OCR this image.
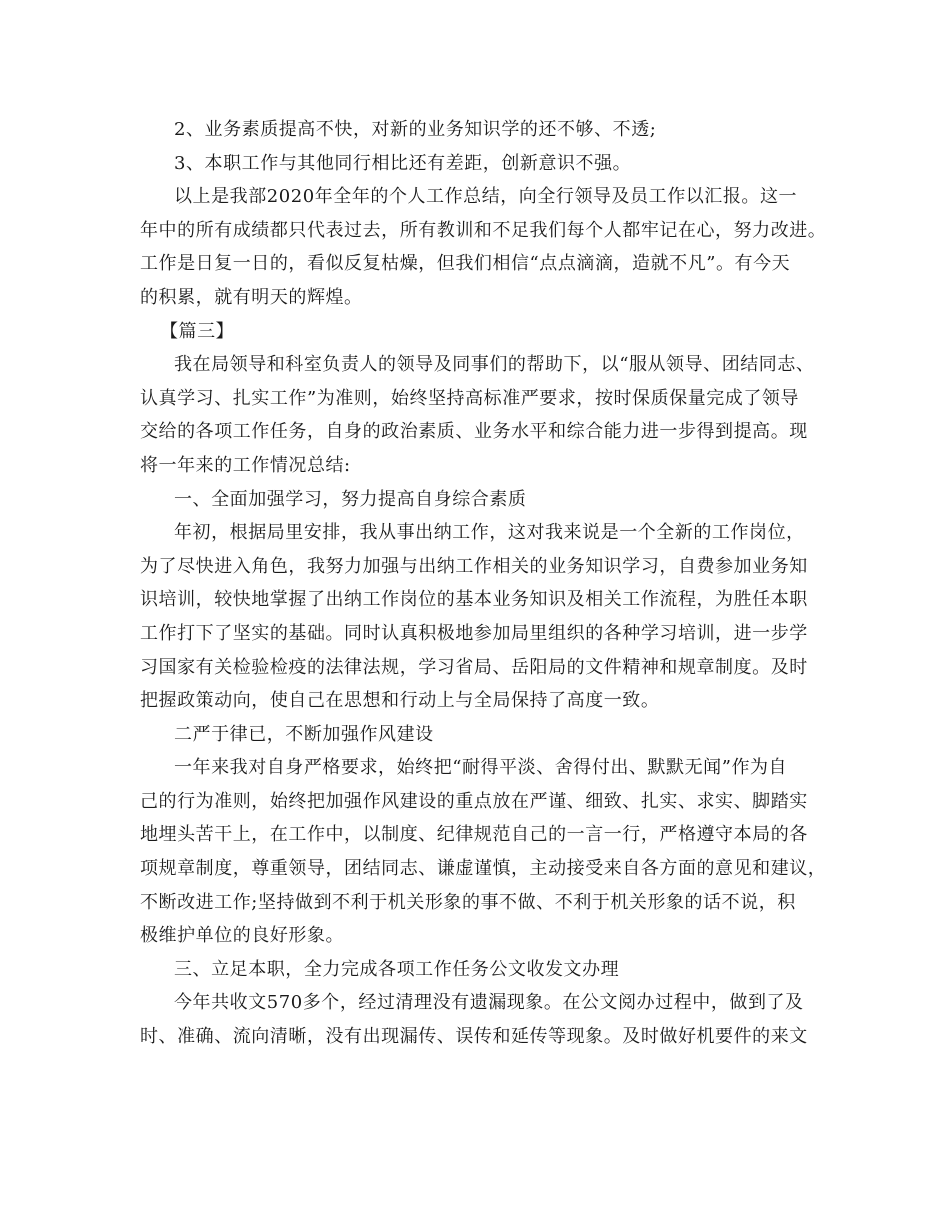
2、业务素质提高不快，对新的业务知识学的还不够、不透;
3、本职工作与其他同行相比还有差距，创新意识不强。
以上是我部2020年全年的个人工作总结，向全行领导及员工作以汇报。这一
年中的所有成绩都只代表过去，所有教训和不足我们每个人都牢记在心，努力改进。
工作是日复一日的，看似反复枯燥，但我们相信“点点滴滴，造就不凡”。有今天
的积累，就有明天的辉煌。
【篇三】
我在局领导和科室负责人的领导及同事们的帮助下，以“服从领导、团结同志、
认真学习、扎实工作”为准则，始终坚持高标准严要求，按时保质保量完成了领导
交给的各项工作任务，自身的政治素质、业务水平和综合能力进一步得到提高。现
将一年来的工作情况总结:
一、全面加强学习，努力提高自身综合素质
年初，根据局里安排，我从事出纳工作，这对我来说是一个全新的工作岗位，
为了尽快进入角色，我努力加强与出纳工作相关的业务知识学习，自费参加业务知
识培训，较快地掌握了出纳工作岗位的基本业务知识及相关工作流程，为胜任本职
工作打下了坚实的基础。同时认真积极地参加局里组织的各种学习培训，进一步学
习国家有关检验检疫的法律法规，学习省局、岳阳局的文件精神和规章制度。及时
把握政策动向，使自己在思想和行动上与全局保持了高度一致。
二严于律已，不断加强作风建设
一年来我对自身严格要求，始终把“耐得平淡、舍得付出、默默无闻”作为自
己的行为准则，始终把加强作风建设的重点放在严谨、细致、扎实、求实、脚踏实
地埋头苦干上，在工作中，以制度、纪律规范自己的一言一行，严格遵守本局的各
项规章制度，尊重领导，团结同志、谦虚谨慎，主动接受来自各方面的意见和建议，
不断改进工作;坚持做到不利于机关形象的事不做、不利于机关形象的话不说，积
极维护单位的良好形象。
三、立足本职，全力完成各项工作任务公文收发文办理
今年共收文570多个，经过清理没有遗漏现象。在公文阅办过程中，做到了及
时、准确、流向清晰，没有出现漏传、误传和延传等现象。及时做好机要件的来文
